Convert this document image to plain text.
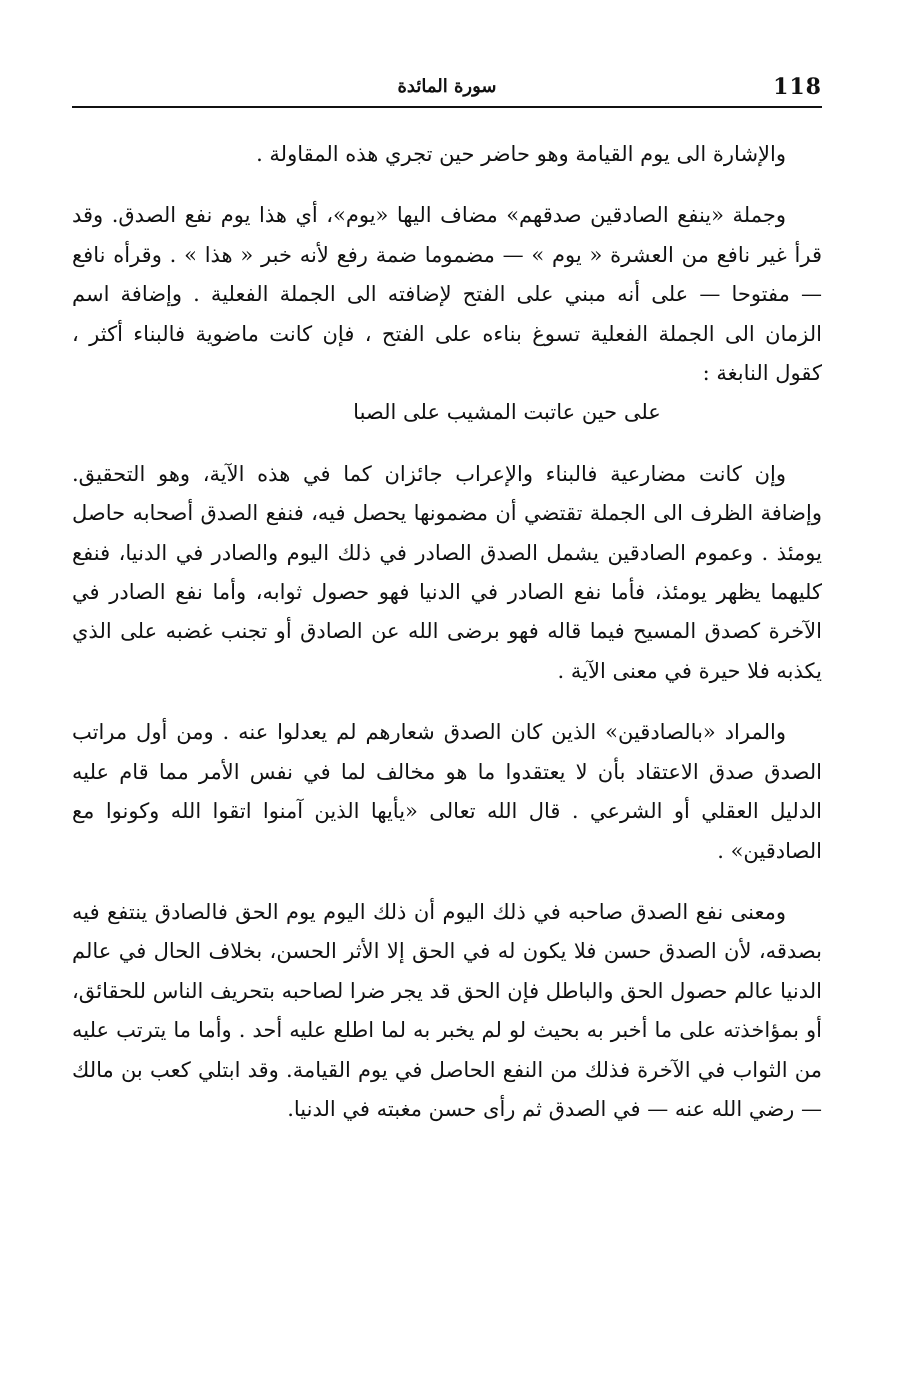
118
سورة المائدة

والإشارة الى يوم القيامة وهو حاضر حين تجري هذه المقاولة .

وجملة «ينفع الصادقين صدقهم» مضاف اليها «يوم»، أي هذا يوم نفع الصدق. وقد قرأ غير نافع من العشرة « يوم » — مضموما ضمة رفع لأنه خبر « هذا » . وقرأه نافع — مفتوحا — على أنه مبني على الفتح لإضافته الى الجملة الفعلية . وإضافة اسم الزمان الى الجملة الفعلية تسوغ بناءه على الفتح ، فإن كانت ماضوية فالبناء أكثر ، كقول النابغة :

على حين عاتبت المشيب على الصبا

وإن كانت مضارعية فالبناء والإعراب جائزان كما في هذه الآية، وهو التحقيق. وإضافة الظرف الى الجملة تقتضي أن مضمونها يحصل فيه، فنفع الصدق أصحابه حاصل يومئذ . وعموم الصادقين يشمل الصدق الصادر في ذلك اليوم والصادر في الدنيا، فنفع كليهما يظهر يومئذ، فأما نفع الصادر في الدنيا فهو حصول ثوابه، وأما نفع الصادر في الآخرة كصدق المسيح فيما قاله فهو برضى الله عن الصادق أو تجنب غضبه على الذي يكذبه فلا حيرة في معنى الآية .

والمراد «بالصادقين» الذين كان الصدق شعارهم لم يعدلوا عنه . ومن أول مراتب الصدق صدق الاعتقاد بأن لا يعتقدوا ما هو مخالف لما في نفس الأمر مما قام عليه الدليل العقلي أو الشرعي . قال الله تعالى «يأيها الذين آمنوا اتقوا الله وكونوا مع الصادقين» .

ومعنى نفع الصدق صاحبه في ذلك اليوم أن ذلك اليوم يوم الحق فالصادق ينتفع فيه بصدقه، لأن الصدق حسن فلا يكون له في الحق إلا الأثر الحسن، بخلاف الحال في عالم الدنيا عالم حصول الحق والباطل فإن الحق قد يجر ضرا لصاحبه بتحريف الناس للحقائق، أو بمؤاخذته على ما أخبر به بحيث لو لم يخبر به لما اطلع عليه أحد . وأما ما يترتب عليه من الثواب في الآخرة فذلك من النفع الحاصل في يوم القيامة. وقد ابتلي كعب بن مالك — رضي الله عنه — في الصدق ثم رأى حسن مغبته في الدنيا.
